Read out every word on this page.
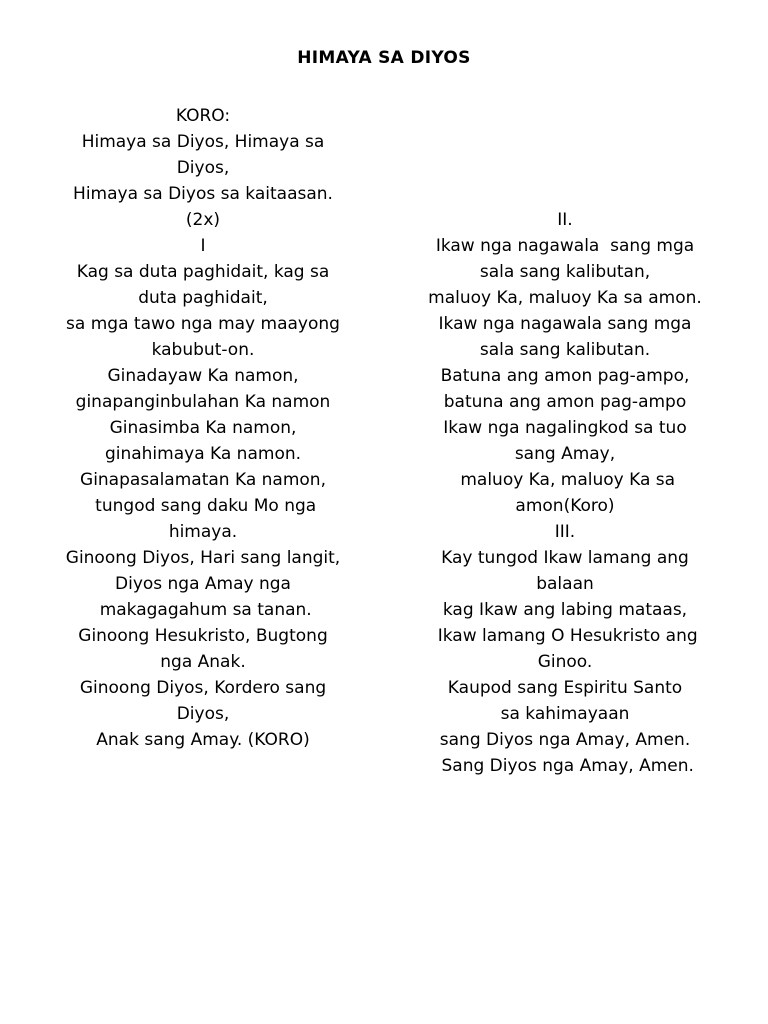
HIMAYA SA DIYOS
KORO:
Himaya sa Diyos, Himaya sa
Diyos,
Himaya sa Diyos sa kaitaasan.
(2x)
I
Kag sa duta paghidait, kag sa
duta paghidait,
sa mga tawo nga may maayong
kabubut-on.
Ginadayaw Ka namon,
ginapanginbulahan Ka namon
Ginasimba Ka namon,
ginahimaya Ka namon.
Ginapasalamatan Ka namon,
tungod sang daku Mo nga
himaya.
Ginoong Diyos, Hari sang langit,
Diyos nga Amay nga
makagagahum sa tanan.
Ginoong Hesukristo, Bugtong
nga Anak.
Ginoong Diyos, Kordero sang
Diyos,
Anak sang Amay. (KORO)
II.
Ikaw nga nagawala  sang mga
sala sang kalibutan,
maluoy Ka, maluoy Ka sa amon.
Ikaw nga nagawala sang mga
sala sang kalibutan.
Batuna ang amon pag-ampo,
batuna ang amon pag-ampo
Ikaw nga nagalingkod sa tuo
sang Amay,
maluoy Ka, maluoy Ka sa
amon(Koro)
III.
Kay tungod Ikaw lamang ang
balaan
kag Ikaw ang labing mataas,
Ikaw lamang O Hesukristo ang
Ginoo.
Kaupod sang Espiritu Santo
sa kahimayaan
sang Diyos nga Amay, Amen.
Sang Diyos nga Amay, Amen.
